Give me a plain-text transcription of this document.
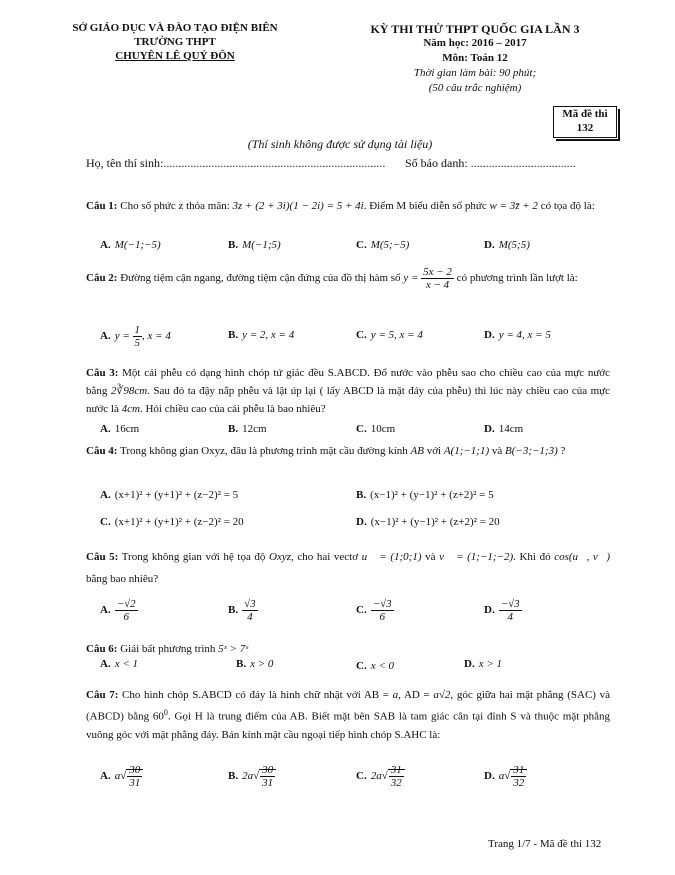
SỞ GIÁO DỤC VÀ ĐÀO TẠO ĐIỆN BIÊN
TRƯỜNG THPT
CHUYÊN LÊ QUÝ ĐÔN
KỲ THI THỬ THPT QUỐC GIA LẦN 3
Năm học: 2016 – 2017
Môn: Toán 12
Thời gian làm bài: 90 phút;
(50 câu trắc nghiệm)
Mã đề thi
132
(Thí sinh không được sử dụng tài liệu)
Họ, tên thí sinh:.......................................................................... Số báo danh: ...................................
Câu 1: Cho số phức z thỏa mãn: 3z + (2 + 3i)(1 − 2i) = 5 + 4i. Điểm M biểu diễn số phức w = 3z̄ + 2 có tọa độ là:
A. M(−1;−5)	B. M(−1;5)	C. M(5;−5)	D. M(5;5)
Câu 2: Đường tiệm cận ngang, đường tiệm cận đứng của đồ thị hàm số $y = \frac{5x - 2}{x - 4}$ có phương trình lần lượt là:
A. $y = \frac{1}{5}$ , x = 4	B. y = 2, x = 4	C. y = 5, x = 4	D. y = 4, x = 5
Câu 3: Một cái phễu có dạng hình chóp tứ giác đều S.ABCD. Đổ nước vào phễu sao cho chiều cao của mực nước bằng 2∛98cm. Sau đó ta đậy nắp phễu và lật úp lại ( lấy ABCD là mặt đáy của phễu) thì lúc này chiều cao của mực nước là 4cm. Hỏi chiều cao của cái phễu là bao nhiêu?
A. 16cm	B. 12cm	C. 10cm	D. 14cm
Câu 4: Trong không gian Oxyz, đâu là phương trình mặt cầu đường kính AB với A(1;−1;1) và B(−3;−1;3) ?
A. (x+1)² + (y+1)² + (z−2)² = 5	B. (x−1)² + (y−1)² + (z+2)² = 5
C. (x+1)² + (y+1)² + (z−2)² = 20	D. (x−1)² + (y−1)² + (z+2)² = 20
Câu 5: Trong không gian với hệ tọa độ Oxyz, cho hai vectơ u⃗ = (1;0;1) và v⃗ = (1;−1;−2). Khi đó cos(u⃗, v⃗) bằng bao nhiêu?
A. $\frac{-√2}{6}$	B. $\frac{√3}{4}$	C. $\frac{-√3}{6}$	D. $\frac{-√3}{4}$
Câu 6: Giải bất phương trình 5ˣ > 7ˣ
A. x < 1	B. x > 0	C. x < 0	D. x > 1
Câu 7: Cho hình chóp S.ABCD có đáy là hình chữ nhật với AB = a, AD = a√2, góc giữa hai mặt phẳng (SAC) và (ABCD) bằng $60^0$. Gọi H là trung điểm của AB. Biết mặt bên SAB là tam giác cân tại đỉnh S và thuộc mặt phẳng vuông góc với mặt phẳng đáy. Bán kính mặt cầu ngoại tiếp hình chóp S.AHC là:
A. $a√ \frac{30}{31}$	B. $2a√ \frac{30}{31}$	C. $2a√ \frac{31}{32}$	D. $a√ \frac{31}{32}$
Trang 1/7 - Mã đề thi 132
